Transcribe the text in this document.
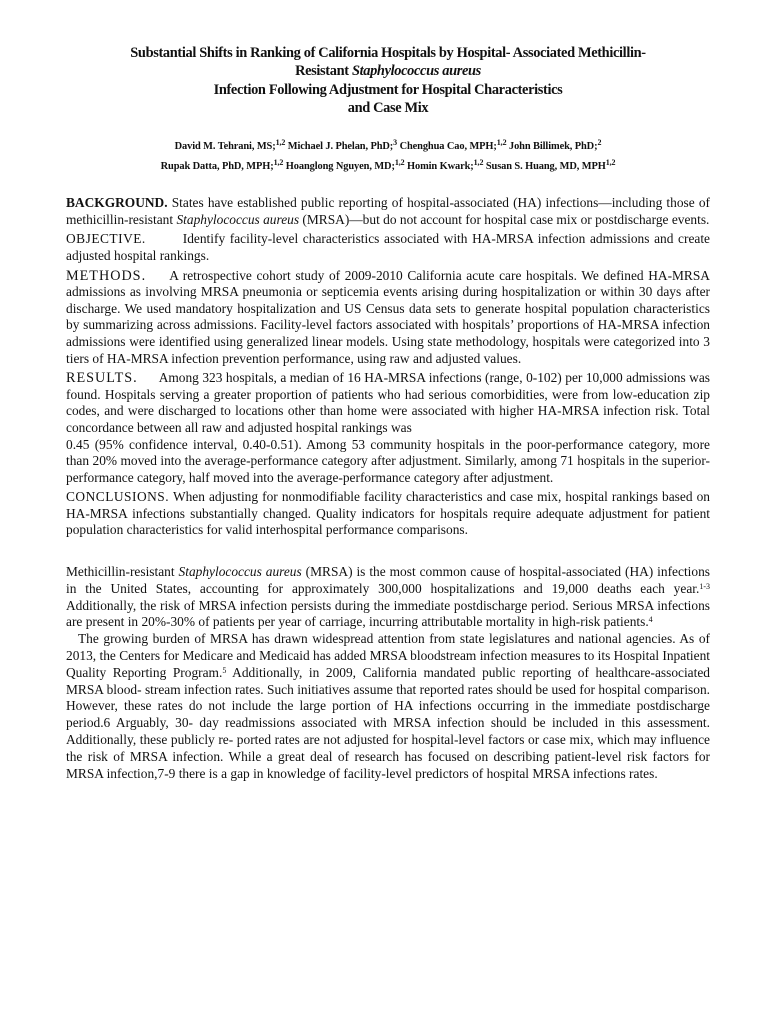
Substantial Shifts in Ranking of California Hospitals by Hospital- Associated Methicillin-
Resistant Staphylococcus aureus
Infection Following Adjustment for Hospital Characteristics
and Case Mix
David M. Tehrani, MS;$^{1,2}$ Michael J. Phelan, PhD;$^3$ Chenghua Cao, MPH;$^{1,2}$ John Billimek, PhD;$^2$
Rupak Datta, PhD, MPH;$^{1,2}$ Hoanglong Nguyen, MD;$^{1,2}$ Homin Kwark;$^{1,2}$ Susan S. Huang, MD, MPH$^{1,2}$

BACKGROUND. States have established public reporting of hospital-associated (HA) infections—including those of methicillin-resistant Staphylococcus aureus (MRSA)—but do not account for hospital case mix or postdischarge events.

OBJECTIVE.	Identify facility-level characteristics associated with HA-MRSA infection admissions and create adjusted hospital rankings.

METHODS. A retrospective cohort study of 2009-2010 California acute care hospitals. We defined HA-MRSA admissions as involving MRSA pneumonia or septicemia events arising during hospitalization or within 30 days after discharge. We used mandatory hospitalization and US Census data sets to generate hospital population characteristics by summarizing across admissions. Facility-level factors associated with hospitals’ proportions of HA-MRSA infection admissions were identified using generalized linear models. Using state methodology, hospitals were categorized into 3 tiers of HA-MRSA infection prevention performance, using raw and adjusted values.

RESULTS. Among 323 hospitals, a median of 16 HA-MRSA infections (range, 0-102) per 10,000 admissions was found. Hospitals serving a greater proportion of patients who had serious comorbidities, were from low-education zip codes, and were discharged to locations other than home were associated with higher HA-MRSA infection risk. Total concordance between all raw and adjusted hospital rankings was
0.45 (95% confidence interval, 0.40-0.51). Among 53 community hospitals in the poor-performance category, more than 20% moved into the average-performance category after adjustment. Similarly, among 71 hospitals in the superior-performance category, half moved into the average-performance category after adjustment.

CONCLUSIONS. When adjusting for nonmodifiable facility characteristics and case mix, hospital rankings based on HA-MRSA infections substantially changed. Quality indicators for hospitals require adequate adjustment for patient population characteristics for valid interhospital performance comparisons.

Methicillin-resistant Staphylococcus aureus (MRSA) is the most common cause of hospital-associated (HA) infections in the United States, accounting for approximately 300,000 hospitalizations and 19,000 deaths each year.$^{1-3}$ Additionally, the risk of MRSA infection persists during the immediate postdischarge period. Serious MRSA infections are present in 20%-30% of patients per year of carriage, incurring attributable mortality in high-risk patients.$^4$

The growing burden of MRSA has drawn widespread attention from state legislatures and national agencies. As of 2013, the Centers for Medicare and Medicaid has added MRSA bloodstream infection measures to its Hospital Inpatient Quality Reporting Program.$^5$ Additionally, in 2009, California mandated public reporting of healthcare-associated MRSA blood- stream infection rates. Such initiatives assume that reported rates should be used for hospital comparison. However, these rates do not include the large portion of HA infections occurring in the immediate postdischarge period.6 Arguably, 30- day readmissions associated with MRSA infection should be included in this assessment. Additionally, these publicly re- ported rates are not adjusted for hospital-level factors or case mix, which may influence the risk of MRSA infection. While a great deal of research has focused on describing patient-level risk factors for MRSA infection,7-9 there is a gap in knowledge of facility-level predictors of hospital MRSA infections rates.
